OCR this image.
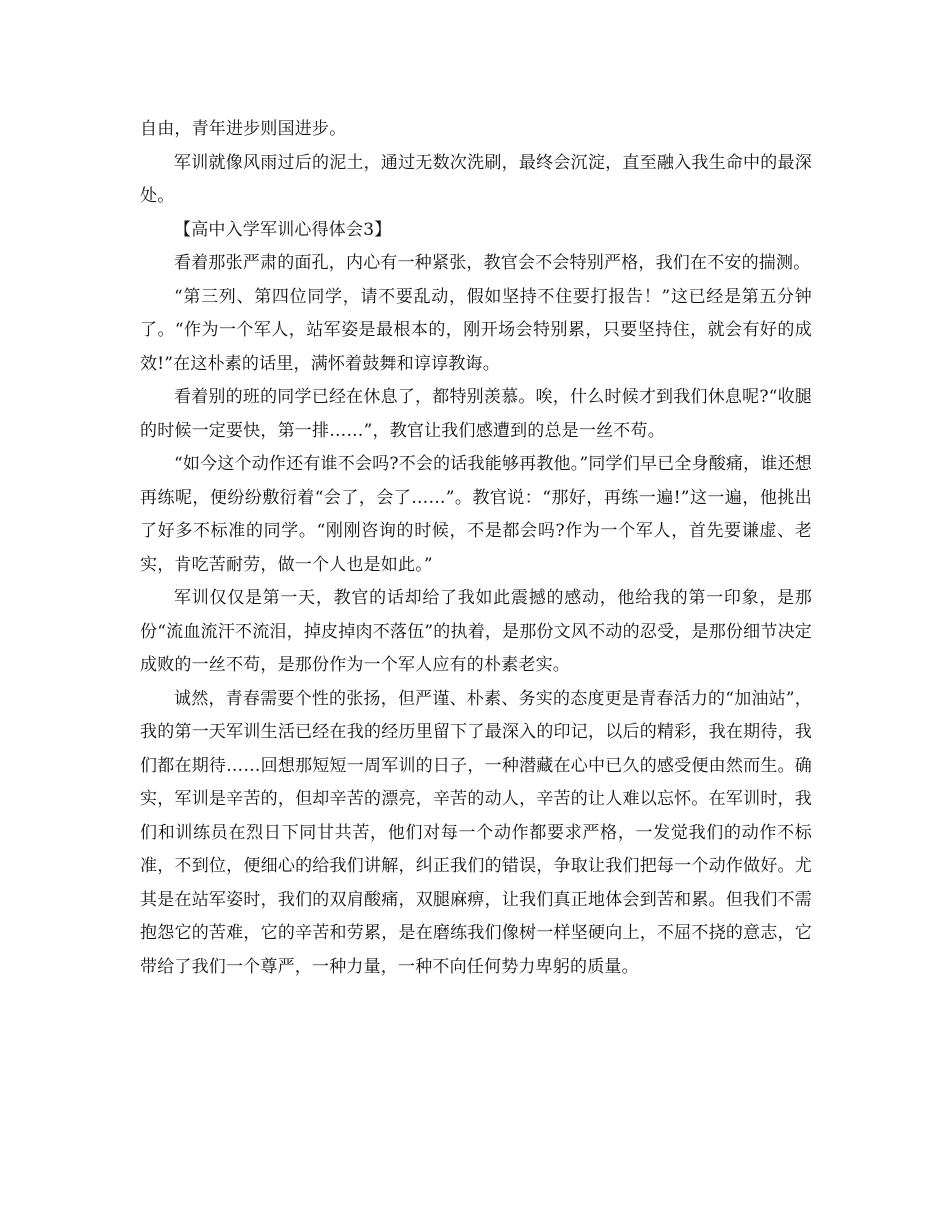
自由，青年进步则国进步。

军训就像风雨过后的泥土，通过无数次洗刷，最终会沉淀，直至融入我生命中的最深处。

【高中入学军训心得体会3】

看着那张严肃的面孔，内心有一种紧张，教官会不会特别严格，我们在不安的揣测。

“第三列、第四位同学，请不要乱动，假如坚持不住要打报告！”这已经是第五分钟了。“作为一个军人，站军姿是最根本的，刚开场会特别累，只要坚持住，就会有好的成效!”在这朴素的话里，满怀着鼓舞和谆谆教诲。

看着别的班的同学已经在休息了，都特别羡慕。唉，什么时候才到我们休息呢?“收腿的时候一定要快，第一排……”，教官让我们感遭到的总是一丝不苟。

“如今这个动作还有谁不会吗?不会的话我能够再教他。”同学们早已全身酸痛，谁还想再练呢，便纷纷敷衍着“会了，会了……”。教官说：“那好，再练一遍!”这一遍，他挑出了好多不标准的同学。“刚刚咨询的时候，不是都会吗?作为一个军人，首先要谦虚、老实，肯吃苦耐劳，做一个人也是如此。”

军训仅仅是第一天，教官的话却给了我如此震撼的感动，他给我的第一印象，是那份“流血流汗不流泪，掉皮掉肉不落伍”的执着，是那份文风不动的忍受，是那份细节决定成败的一丝不苟，是那份作为一个军人应有的朴素老实。

诚然，青春需要个性的张扬，但严谨、朴素、务实的态度更是青春活力的“加油站”，我的第一天军训生活已经在我的经历里留下了最深入的印记，以后的精彩，我在期待，我们都在期待……回想那短短一周军训的日子，一种潜藏在心中已久的感受便由然而生。确实，军训是辛苦的，但却辛苦的漂亮，辛苦的动人，辛苦的让人难以忘怀。在军训时，我们和训练员在烈日下同甘共苦，他们对每一个动作都要求严格，一发觉我们的动作不标准，不到位，便细心的给我们讲解，纠正我们的错误，争取让我们把每一个动作做好。尤其是在站军姿时，我们的双肩酸痛，双腿麻痹，让我们真正地体会到苦和累。但我们不需抱怨它的苦难，它的辛苦和劳累，是在磨练我们像树一样坚硬向上，不屈不挠的意志，它带给了我们一个尊严，一种力量，一种不向任何势力卑躬的质量。
